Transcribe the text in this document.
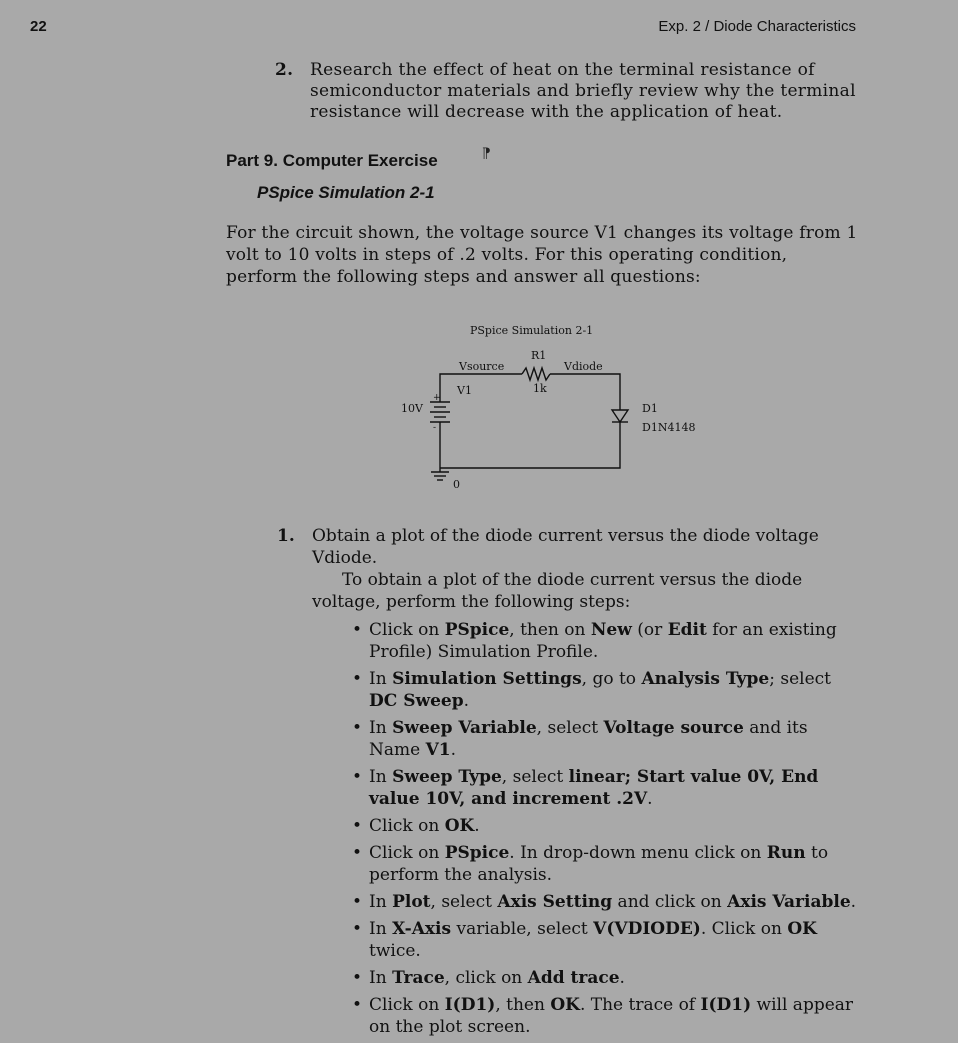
22	Exp. 2 / Diode Characteristics
2. Research the effect of heat on the terminal resistance of semiconductor materials and briefly review why the terminal resistance will decrease with the application of heat.
Part 9. Computer Exercise	⁋
PSpice Simulation 2-1
For the circuit shown, the voltage source V1 changes its voltage from 1 volt to 10 volts in steps of .2 volts. For this operating condition, perform the following steps and answer all questions:
PSpice Simulation 2-1
R1
Vsource	Vdiode
1k
V1
10V
+
-
D1
D1N4148
0
1. Obtain a plot of the diode current versus the diode voltage Vdiode.
To obtain a plot of the diode current versus the diode voltage, perform the following steps:
• Click on PSpice, then on New (or Edit for an existing Profile) Simulation Profile.
• In Simulation Settings, go to Analysis Type; select DC Sweep.
• In Sweep Variable, select Voltage source and its Name V1.
• In Sweep Type, select linear; Start value 0V, End value 10V, and increment .2V.
• Click on OK.
• Click on PSpice. In drop-down menu click on Run to perform the analysis.
• In Plot, select Axis Setting and click on Axis Variable.
• In X-Axis variable, select V(VDIODE). Click on OK twice.
• In Trace, click on Add trace.
• Click on I(D1), then OK. The trace of I(D1) will appear on the plot screen.
